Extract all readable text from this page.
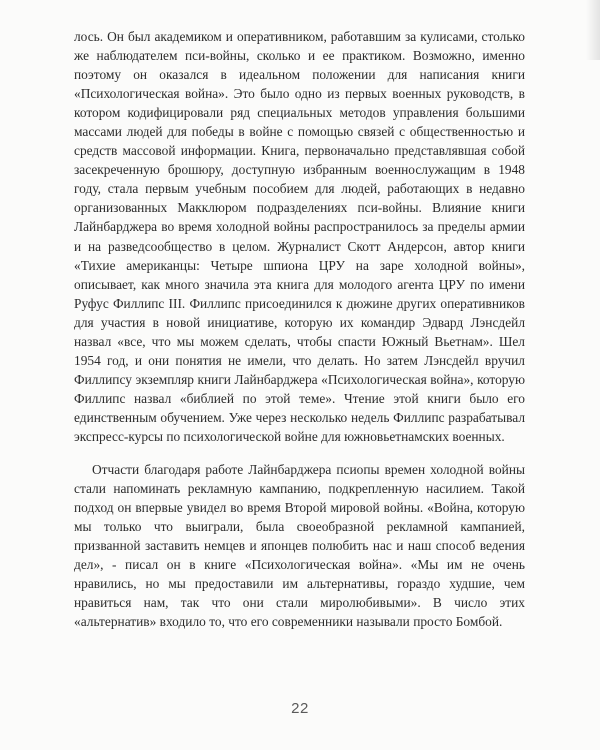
лось. Он был академиком и оперативником, работавшим за кулисами, столько же наблюдателем пси-войны, сколько и ее практиком. Возможно, именно поэтому он оказался в идеальном положении для написания книги «Психологическая война». Это было одно из первых военных руководств, в котором кодифицировали ряд специальных методов управления большими массами людей для победы в войне с помощью связей с общественностью и средств массовой информации. Книга, первоначально представлявшая собой засекреченную брошюру, доступную избранным военнослужащим в 1948 году, стала первым учебным пособием для людей, работающих в недавно организованных Макклюром подразделениях пси-войны. Влияние книги Лайнбарджера во время холодной войны распространилось за пределы армии и на разведсообщество в целом. Журналист Скотт Андерсон, автор книги «Тихие американцы: Четыре шпиона ЦРУ на заре холодной войны», описывает, как много значила эта книга для молодого агента ЦРУ по имени Руфус Филлипс III. Филлипс присоединился к дюжине других оперативников для участия в новой инициативе, которую их командир Эдвард Лэнсдейл назвал «все, что мы можем сделать, чтобы спасти Южный Вьетнам». Шел 1954 год, и они понятия не имели, что делать. Но затем Лэнсдейл вручил Филлипсу экземпляр книги Лайнбарджера «Психологическая война», которую Филлипс назвал «библией по этой теме». Чтение этой книги было его единственным обучением. Уже через несколько недель Филлипс разрабатывал экспресс-курсы по психологической войне для южновьетнамских военных.

Отчасти благодаря работе Лайнбарджера псиопы времен холодной войны стали напоминать рекламную кампанию, подкрепленную насилием. Такой подход он впервые увидел во время Второй мировой войны. «Война, которую мы только что выиграли, была своеобразной рекламной кампанией, призванной заставить немцев и японцев полюбить нас и наш способ ведения дел», - писал он в книге «Психологическая война». «Мы им не очень нравились, но мы предоставили им альтернативы, гораздо худшие, чем нравиться нам, так что они стали миролюбивыми». В число этих «альтернатив» входило то, что его современники называли просто Бомбой.

22
